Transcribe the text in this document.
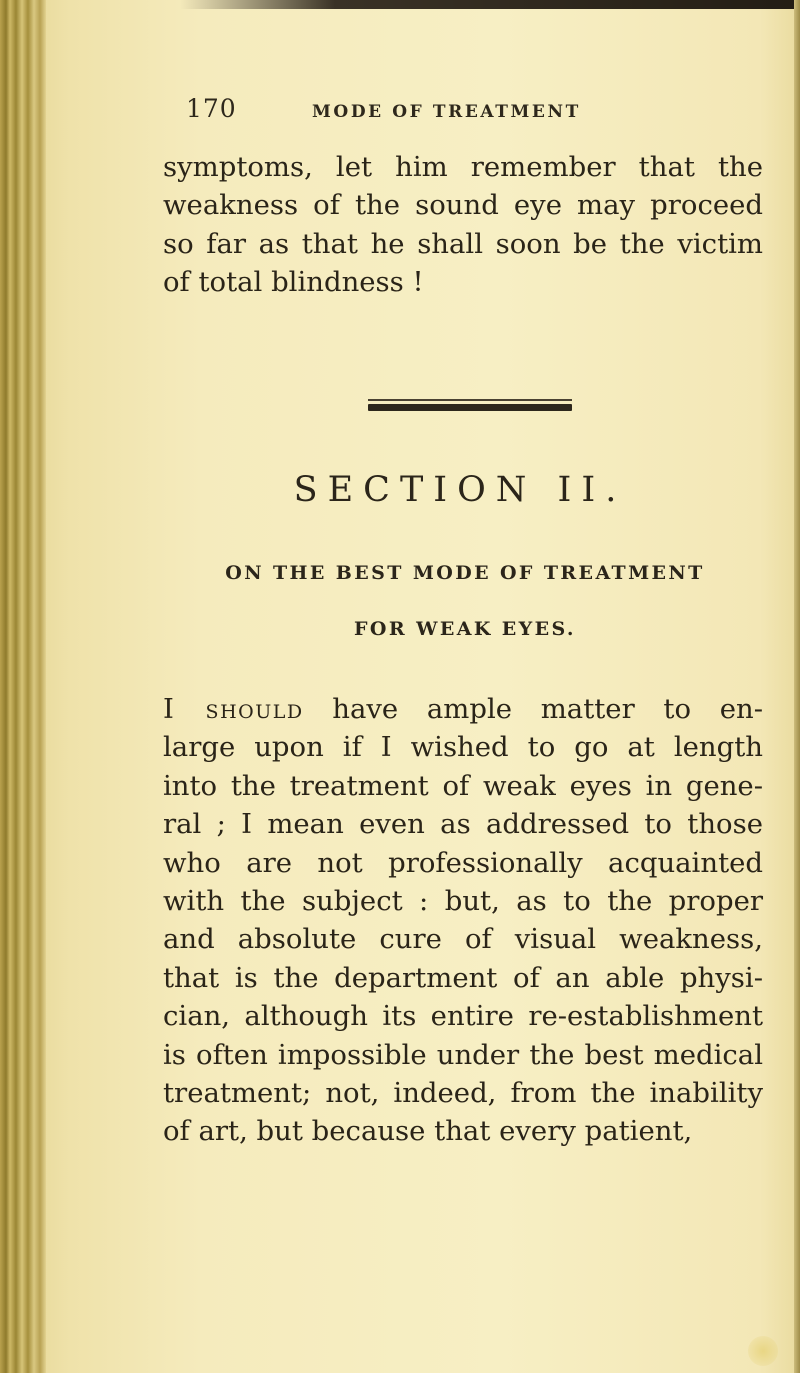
170	MODE OF TREATMENT
symptoms, let him remember that the
weakness of the sound eye may proceed
so far as that he shall soon be the victim
of total blindness !
SECTION II.
ON THE BEST MODE OF TREATMENT
FOR WEAK EYES.
I should have ample matter to en-
large upon if I wished to go at length
into the treatment of weak eyes in gene-
ral ; I mean even as addressed to those
who are not professionally acquainted
with the subject : but, as to the proper
and absolute cure of visual weakness,
that is the department of an able physi-
cian, although its entire re-establishment
is often impossible under the best medical
treatment; not, indeed, from the inability
of art, but because that every patient,
